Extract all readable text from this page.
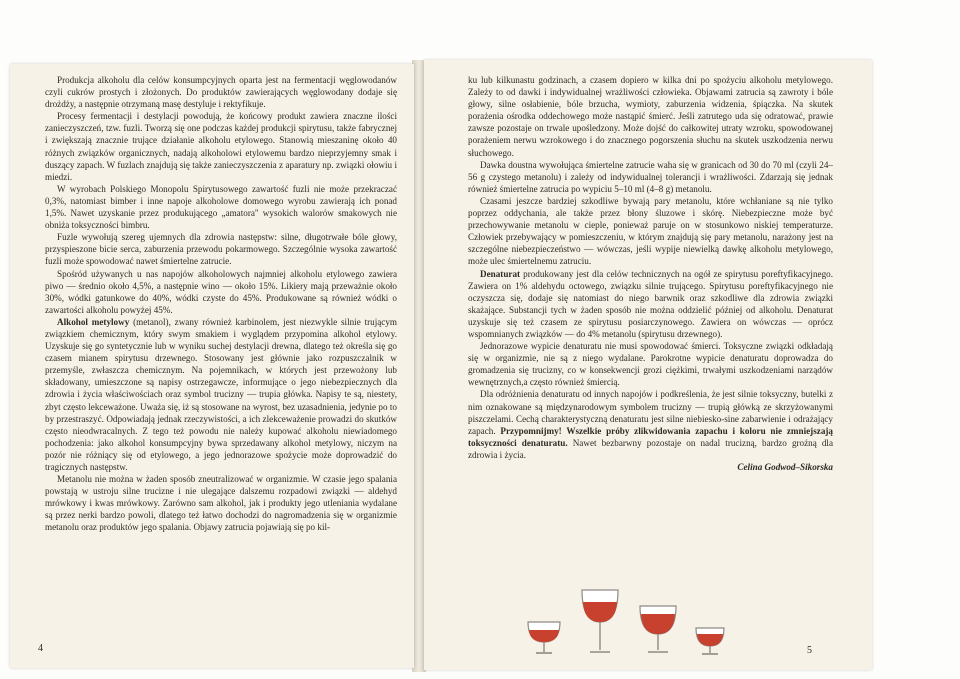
Produkcja alkoholu dla celów konsumpcyjnych oparta jest na fermentacji węglowodanów czyli cukrów prostych i złożonych. Do produktów zawierających węglowodany dodaje się drożdży, a następnie otrzymaną masę destyluje i rektyfikuje.

Procesy fermentacji i destylacji powodują, że końcowy produkt zawiera znaczne ilości zanieczyszczeń, tzw. fuzli. Tworzą się one podczas każdej produkcji spirytusu, także fabrycznej i zwiększają znacznie trujące działanie alkoholu etylowego. Stanowią mieszaninę około 40 różnych związków organicznych, nadają alkoholowi etylowemu bardzo nieprzyjemny smak i duszący zapach. W fuzlach znajdują się także zanieczyszczenia z aparatury np. związki ołowiu i miedzi.

W wyrobach Polskiego Monopolu Spirytusowego zawartość fuzli nie może przekraczać 0,3%, natomiast bimber i inne napoje alkoholowe domowego wyrobu zawierają ich ponad 1,5%. Nawet uzyskanie przez produkującego „amatora" wysokich walorów smakowych nie obniża toksyczności bimbru.

Fuzle wywołują szereg ujemnych dla zdrowia następstw: silne, długotrwałe bóle głowy, przyspieszone bicie serca, zaburzenia przewodu pokarmowego. Szczególnie wysoka zawartość fuzli może spowodować nawet śmiertelne zatrucie.

Spośród używanych u nas napojów alkoholowych najmniej alkoholu etylowego zawiera piwo — średnio około 4,5%, a następnie wino — około 15%. Likiery mają przeważnie około 30%, wódki gatunkowe do 40%, wódki czyste do 45%. Produkowane są również wódki o zawartości alkoholu powyżej 45%.

Alkohol metylowy (metanol), zwany również karbinolem, jest niezwykle silnie trującym związkiem chemicznym, który swym smakiem i wyglądem przypomina alkohol etylowy. Uzyskuje się go syntetycznie lub w wyniku suchej destylacji drewna, dlatego też określa się go czasem mianem spirytusu drzewnego. Stosowany jest głównie jako rozpuszczalnik w przemyśle, zwłaszcza chemicznym. Na pojemnikach, w których jest przewożony lub składowany, umieszczone są napisy ostrzegawcze, informujące o jego niebezpiecznych dla zdrowia i życia właściwościach oraz symbol trucizny — trupia główka. Napisy te są, niestety, zbyt często lekceważone. Uważa się, iż są stosowane na wyrost, bez uzasadnienia, jedynie po to by przestraszyć. Odpowiadają jednak rzeczywistości, a ich zlekceważenie prowadzi do skutków często nieodwracalnych. Z tego też powodu nie należy kupować alkoholu niewiadomego pochodzenia: jako alkohol konsumpcyjny bywa sprzedawany alkohol metylowy, niczym na pozór nie różniący się od etylowego, a jego jednorazowe spożycie może doprowadzić do tragicznych następstw.

Metanolu nie można w żaden sposób zneutralizować w organizmie. W czasie jego spalania powstają w ustroju silne trucizne i nie ulegające dalszemu rozpadowi związki — aldehyd mrówkowy i kwas mrówkowy. Zarówno sam alkohol, jak i produkty jego utleniania wydalane są przez nerki bardzo powoli, dlatego też łatwo dochodzi do nagromadzenia się w organizmie metanolu oraz produktów jego spalania. Objawy zatrucia pojawiają się po kil-

4

ku lub kilkunastu godzinach, a czasem dopiero w kilka dni po spożyciu alkoholu metylowego. Zależy to od dawki i indywidualnej wrażliwości człowieka. Objawami zatrucia są zawroty i bóle głowy, silne osłabienie, bóle brzucha, wymioty, zaburzenia widzenia, śpiączka. Na skutek porażenia ośrodka oddechowego może nastąpić śmierć. Jeśli zatrutego uda się odratować, prawie zawsze pozostaje on trwale upośledzony. Może dojść do całkowitej utraty wzroku, spowodowanej porażeniem nerwu wzrokowego i do znacznego pogorszenia słuchu na skutek uszkodzenia nerwu słuchowego.

Dawka doustna wywołująca śmiertelne zatrucie waha się w granicach od 30 do 70 ml (czyli 24–56 g czystego metanolu) i zależy od indywidualnej tolerancji i wrażliwości. Zdarzają się jednak również śmiertelne zatrucia po wypiciu 5–10 ml (4–8 g) metanolu.

Czasami jeszcze bardziej szkodliwe bywają pary metanolu, które wchłaniane są nie tylko poprzez oddychania, ale także przez błony śluzowe i skórę. Niebezpieczne może być przechowywanie metanolu w cieple, ponieważ paruje on w stosunkowo niskiej temperaturze. Człowiek przebywający w pomieszczeniu, w którym znajdują się pary metanolu, narażony jest na szczególne niebezpieczeństwo — wówczas, jeśli wypije niewielką dawkę alkoholu metylowego, może ulec śmiertelnemu zatruciu.

Denaturat produkowany jest dla celów technicznych na ogół ze spirytusu poreftyfikacyjnego. Zawiera on 1% aldehydu octowego, związku silnie trującego. Spirytusu poreftyfikacyjnego nie oczyszcza się, dodaje się natomiast do niego barwnik oraz szkodliwe dla zdrowia związki skażające. Substancji tych w żaden sposób nie można oddzielić później od alkoholu. Denaturat uzyskuje się też czasem ze spirytusu posiarczynowego. Zawiera on wówczas — oprócz wspomnianych związków — do 4% metanolu (spirytusu drzewnego).

Jednorazowe wypicie denaturatu nie musi spowodować śmierci. Toksyczne związki odkładają się w organizmie, nie są z niego wydalane. Parokrotne wypicie denaturatu doprowadza do gromadzenia się trucizny, co w konsekwencji grozi ciężkimi, trwałymi uszkodzeniami narządów wewnętrznych,a często również śmiercią.

Dla odróżnienia denaturatu od innych napojów i podkreślenia, że jest silnie toksyczny, butelki z nim oznakowane są międzynarodowym symbolem trucizny — trupią główką ze skrzyżowanymi piszczelami. Cechą charakterystyczną denaturatu jest silne niebiesko-sine zabarwienie i odrażający zapach. Przypomnijmy! Wszelkie próby zlikwidowania zapachu i koloru nie zmniejszają toksyczności denaturatu. Nawet bezbarwny pozostaje on nadal trucizną, bardzo groźną dla zdrowia i życia.

Celina Godwod–Sikorska

5
